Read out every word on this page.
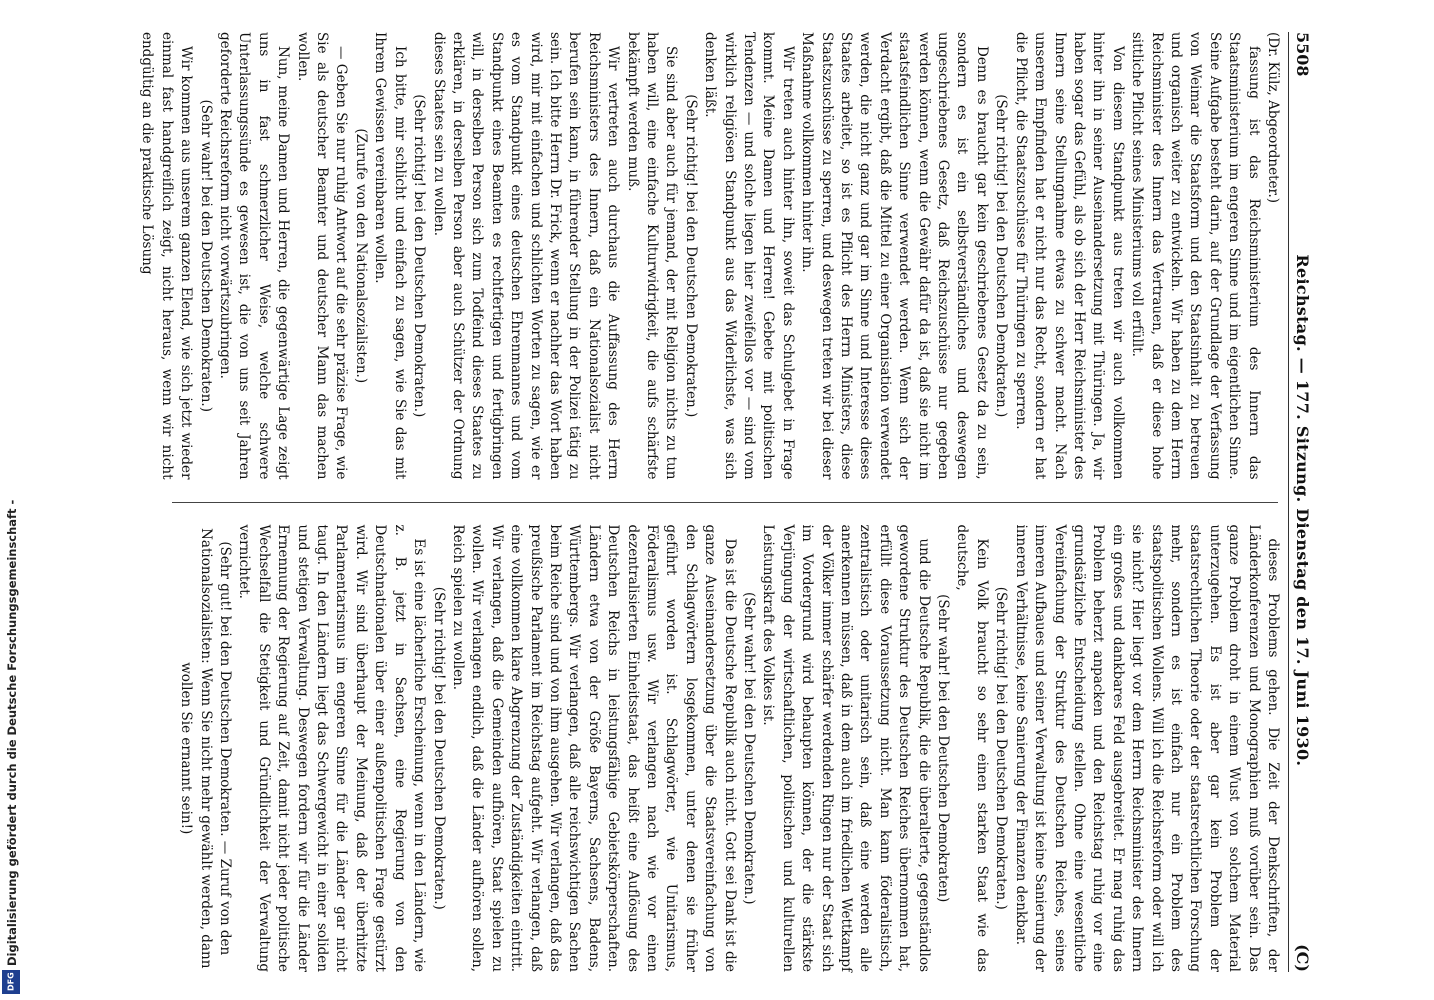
Digitalisierung gefördert durch die Deutsche Forschungsgemeinschaft -
DFG
5508
Reichstag. — 177. Sitzung. Dienstag den 17. Juni 1930.
(C)

(Dr. Külz, Abgeordneter.)

fassung ist das Reichsministerium des Innern das Staatsministerium im engeren Sinne und im eigentlichen Sinne. Seine Aufgabe besteht darin, auf der Grundlage der Verfassung von Weimar die Staatsform und den Staatsinhalt zu betreuen und organisch weiter zu entwickeln. Wir haben zu dem Herrn Reichsminister des Innern das Vertrauen, daß er diese hohe sittliche Pflicht seines Ministeriums voll erfüllt.

Von diesem Standpunkt aus treten wir auch vollkommen hinter ihn in seiner Auseinandersetzung mit Thüringen. Ja, wir haben sogar das Gefühl, als ob sich der Herr Reichsminister des Innern seine Stellungnahme etwas zu schwer macht. Nach unserem Empfinden hat er nicht nur das Recht, sondern er hat die Pflicht, die Staatszuschüsse für Thüringen zu sperren.

(Sehr richtig! bei den Deutschen Demokraten.)

Denn es braucht gar kein geschriebenes Gesetz da zu sein, sondern es ist ein selbstverständliches und deswegen ungeschriebenes Gesetz, daß Reichszuschüsse nur gegeben werden können, wenn die Gewähr dafür da ist, daß sie nicht im staatsfeindlichen Sinne verwendet werden. Wenn sich der Verdacht ergibt, daß die Mittel zu einer Organisation verwendet werden, die nicht ganz und gar im Sinne und Interesse dieses Staates arbeitet, so ist es Pflicht des Herrn Ministers, diese Staatszuschüsse zu sperren, und deswegen treten wir bei dieser Maßnahme vollkommen hinter ihn.

Wir treten auch hinter ihn, soweit das Schulgebet in Frage kommt. Meine Damen und Herren! Gebete mit politischen Tendenzen — und solche liegen hier zweifellos vor — sind vom wirklich religiösen Standpunkt aus das Widerlichste, was sich denken läßt.

(Sehr richtig! bei den Deutschen Demokraten.)

Sie sind aber auch für jemand, der mit Religion nichts zu tun haben will, eine einfache Kulturwidrigkeit, die aufs schärfste bekämpft werden muß.

Wir vertreten auch durchaus die Auffassung des Herrn Reichsministers des Innern, daß ein Nationalsozialist nicht berufen sein kann, in führender Stellung in der Polizei tätig zu sein. Ich bitte Herrn Dr. Frick, wenn er nachher das Wort haben wird, mir mit einfachen und schlichten Worten zu sagen, wie er es vom Standpunkt eines deutschen Ehrenmannes und vom Standpunkt eines Beamten es rechtfertigen und fertigbringen will, in derselben Person sich zum Todfeind dieses Staates zu erklären, in derselben Person aber auch Schützer der Ordnung dieses Staates sein zu wollen.

(Sehr richtig! bei den Deutschen Demokraten.)

Ich bitte, mir schlicht und einfach zu sagen, wie Sie das mit Ihrem Gewissen vereinbaren wollen.

(Zurufe von den Nationalsozialisten.)

— Geben Sie nur ruhig Antwort auf die sehr präzise Frage, wie Sie als deutscher Beamter und deutscher Mann das machen wollen.

Nun, meine Damen und Herren, die gegenwärtige Lage zeigt uns in fast schmerzlicher Weise, welche schwere Unterlassungssünde es gewesen ist, die von uns seit Jahren geforderte Reichsreform nicht vorwärtszubringen.

(Sehr wahr! bei den Deutschen Demokraten.)

Wir kommen aus unserem ganzen Elend, wie sich jetzt wieder einmal fast handgreiflich zeigt, nicht heraus, wenn wir nicht endgültig an die praktische Lösung

dieses Problems gehen. Die Zeit der Denkschriften, der Länderkonferenzen und Monographien muß vorüber sein. Das ganze Problem droht in einem Wust von solchem Material unterzugehen. Es ist aber gar kein Problem der staatsrechtlichen Theorie oder der staatsrechtlichen Forschung mehr, sondern es ist einfach nur ein Problem des staatspolitischen Wollens. Will ich die Reichsreform oder will ich sie nicht? Hier liegt vor dem Herrn Reichsminister des Innern ein großes und dankbares Feld ausgebreitet. Er mag ruhig das Problem beherzt anpacken und den Reichstag ruhig vor eine grundsätzliche Entscheidung stellen. Ohne eine wesentliche Vereinfachung der Struktur des Deutschen Reiches, seines inneren Aufbaues und seiner Verwaltung ist keine Sanierung der inneren Verhältnisse, keine Sanierung der Finanzen denkbar.

(Sehr richtig! bei den Deutschen Demokraten.)

Kein Volk braucht so sehr einen starken Staat wie das deutsche,

(Sehr wahr! bei den Deutschen Demokraten)

und die Deutsche Republik, die die überalterte, gegenständlos gewordene Struktur des Deutschen Reiches übernommen hat, erfüllt diese Voraussetzung nicht. Man kann föderalistisch, zentralistisch oder unitarisch sein, daß eine werden alle anerkennen müssen, daß in dem auch im friedlichen Wettkampf der Völker immer schärfer werdenden Ringen nur der Staat sich im Vordergrund wird behaupten können, der die stärkste Verjüngung der wirtschaftlichen, politischen und kulturellen Leistungskraft des Volkes ist.

(Sehr wahr! bei den Deutschen Demokraten.)

Das ist die Deutsche Republik auch nicht. Gott sei Dank ist die ganze Auseinandersetzung über die Staatsvereinfachung von den Schlagwörtern losgekommen, unter denen sie früher geführt worden ist. Schlagwörter, wie Unitarismus, Föderalismus usw. Wir verlangen nach wie vor einen dezentralisierten Einheitsstaat, das heißt eine Auflösung des Deutschen Reichs in leistungsfähige Gebietskörperschaften. Ländern etwa von der Größe Bayerns, Sachsens, Badens, Württembergs. Wir verlangen, daß alle reichswichtigen Sachen beim Reiche sind und von ihm ausgehen. Wir verlangen, daß das preußische Parlament im Reichstag aufgeht. Wir verlangen, daß eine vollkommen klare Abgrenzung der Zuständigkeiten eintritt. Wir verlangen, daß die Gemeinden aufhören, Staat spielen zu wollen. Wir verlangen endlich, daß die Länder aufhören sollen, Reich spielen zu wollen.

(Sehr richtig! bei den Deutschen Demokraten.)

Es ist eine lächerliche Erscheinung, wenn in den Ländern, wie z. B. jetzt in Sachsen, eine Regierung von den Deutschnationalen über einer außenpolitischen Frage gestürzt wird. Wir sind überhaupt der Meinung, daß der überhitzte Parlamentarismus im engeren Sinne für die Länder gar nicht taugt. In den Ländern liegt das Schwergewicht in einer soliden und stetigen Verwaltung. Deswegen fordern wir für die Länder Ernennung der Regierung auf Zeit, damit nicht jeder politische Wechselfall die Stetigkeit und Gründlichkeit der Verwaltung vernichtet.

(Sehr gut! bei den Deutschen Demokraten. — Zuruf von den Nationalsozialisten: Wenn Sie nicht mehr gewählt werden, dann wollen Sie ernannt sein!)
